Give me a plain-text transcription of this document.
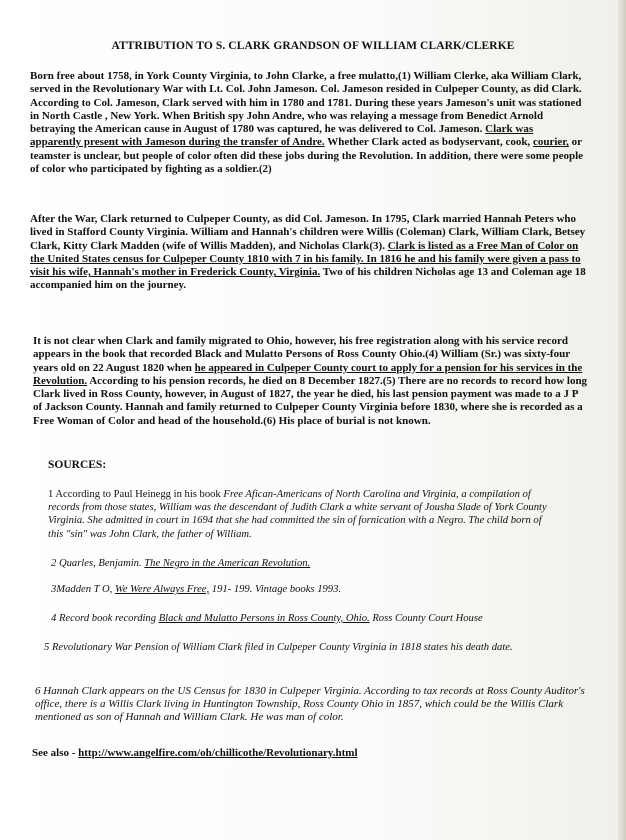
ATTRIBUTION TO S. CLARK GRANDSON OF WILLIAM CLARK/CLERKE

Born free about 1758, in York County Virginia, to John Clarke, a free mulatto,(1) William Clerke, aka William Clark, served in the Revolutionary War with Lt. Col. John Jameson. Col. Jameson resided in Culpeper County, as did Clark. According to Col. Jameson, Clark served with him in 1780 and 1781. During these years Jameson's unit was stationed in North Castle , New York. When British spy John Andre, who was relaying a message from Benedict Arnold betraying the American cause in August of 1780 was captured, he was delivered to Col. Jameson. Clark was apparently present with Jameson during the transfer of Andre. Whether Clark acted as bodyservant, cook, courier, or teamster is unclear, but people of color often did these jobs during the Revolution. In addition, there were some people of color who participated by fighting as a soldier.(2)

After the War, Clark returned to Culpeper County, as did Col. Jameson. In 1795, Clark married Hannah Peters who lived in Stafford County Virginia. William and Hannah's children were Willis (Coleman) Clark, William Clark, Betsey Clark, Kitty Clark Madden (wife of Willis Madden), and Nicholas Clark(3). Clark is listed as a Free Man of Color on the United States census for Culpeper County 1810 with 7 in his family. In 1816 he and his family were given a pass to visit his wife, Hannah's mother in Frederick County, Virginia. Two of his children Nicholas age 13 and Coleman age 18 accompanied him on the journey.

It is not clear when Clark and family migrated to Ohio, however, his free registration along with his service record appears in the book that recorded Black and Mulatto Persons of Ross County Ohio.(4) William (Sr.) was sixty-four years old on 22 August 1820 when he appeared in Culpeper County court to apply for a pension for his services in the Revolution. According to his pension records, he died on 8 December 1827.(5) There are no records to record how long Clark lived in Ross County, however, in August of 1827, the year he died, his last pension payment was made to a J P of Jackson County. Hannah and family returned to Culpeper County Virginia before 1830, where she is recorded as a Free Woman of Color and head of the household.(6) His place of burial is not known.

SOURCES:

1 According to Paul Heinegg in his book Free Afican-Americans of North Carolina and Virginia, a compilation of records from those states, William was the descendant of Judith Clark a white servant of Jousha Slade of York County Virginia. She admitted in court in 1694 that she had committed the sin of fornication with a Negro. The child born of this "sin" was John Clark, the father of William.

2 Quarles, Benjamin. The Negro in the American Revolution.

3Madden T O, We Were Always Free, 191- 199. Vintage books 1993.

4 Record book recording Black and Mulatto Persons in Ross County, Ohio. Ross County Court House

5 Revolutionary War Pension of William Clark filed in Culpeper County Virginia in 1818 states his death date.

6 Hannah Clark appears on the US Census for 1830 in Culpeper Virginia. According to tax records at Ross County Auditor's office, there is a Willis Clark living in Huntington Township, Ross County Ohio in 1857, which could be the Willis Clark mentioned as son of Hannah and William Clark. He was man of color.

See also - http://www.angelfire.com/oh/chillicothe/Revolutionary.html
